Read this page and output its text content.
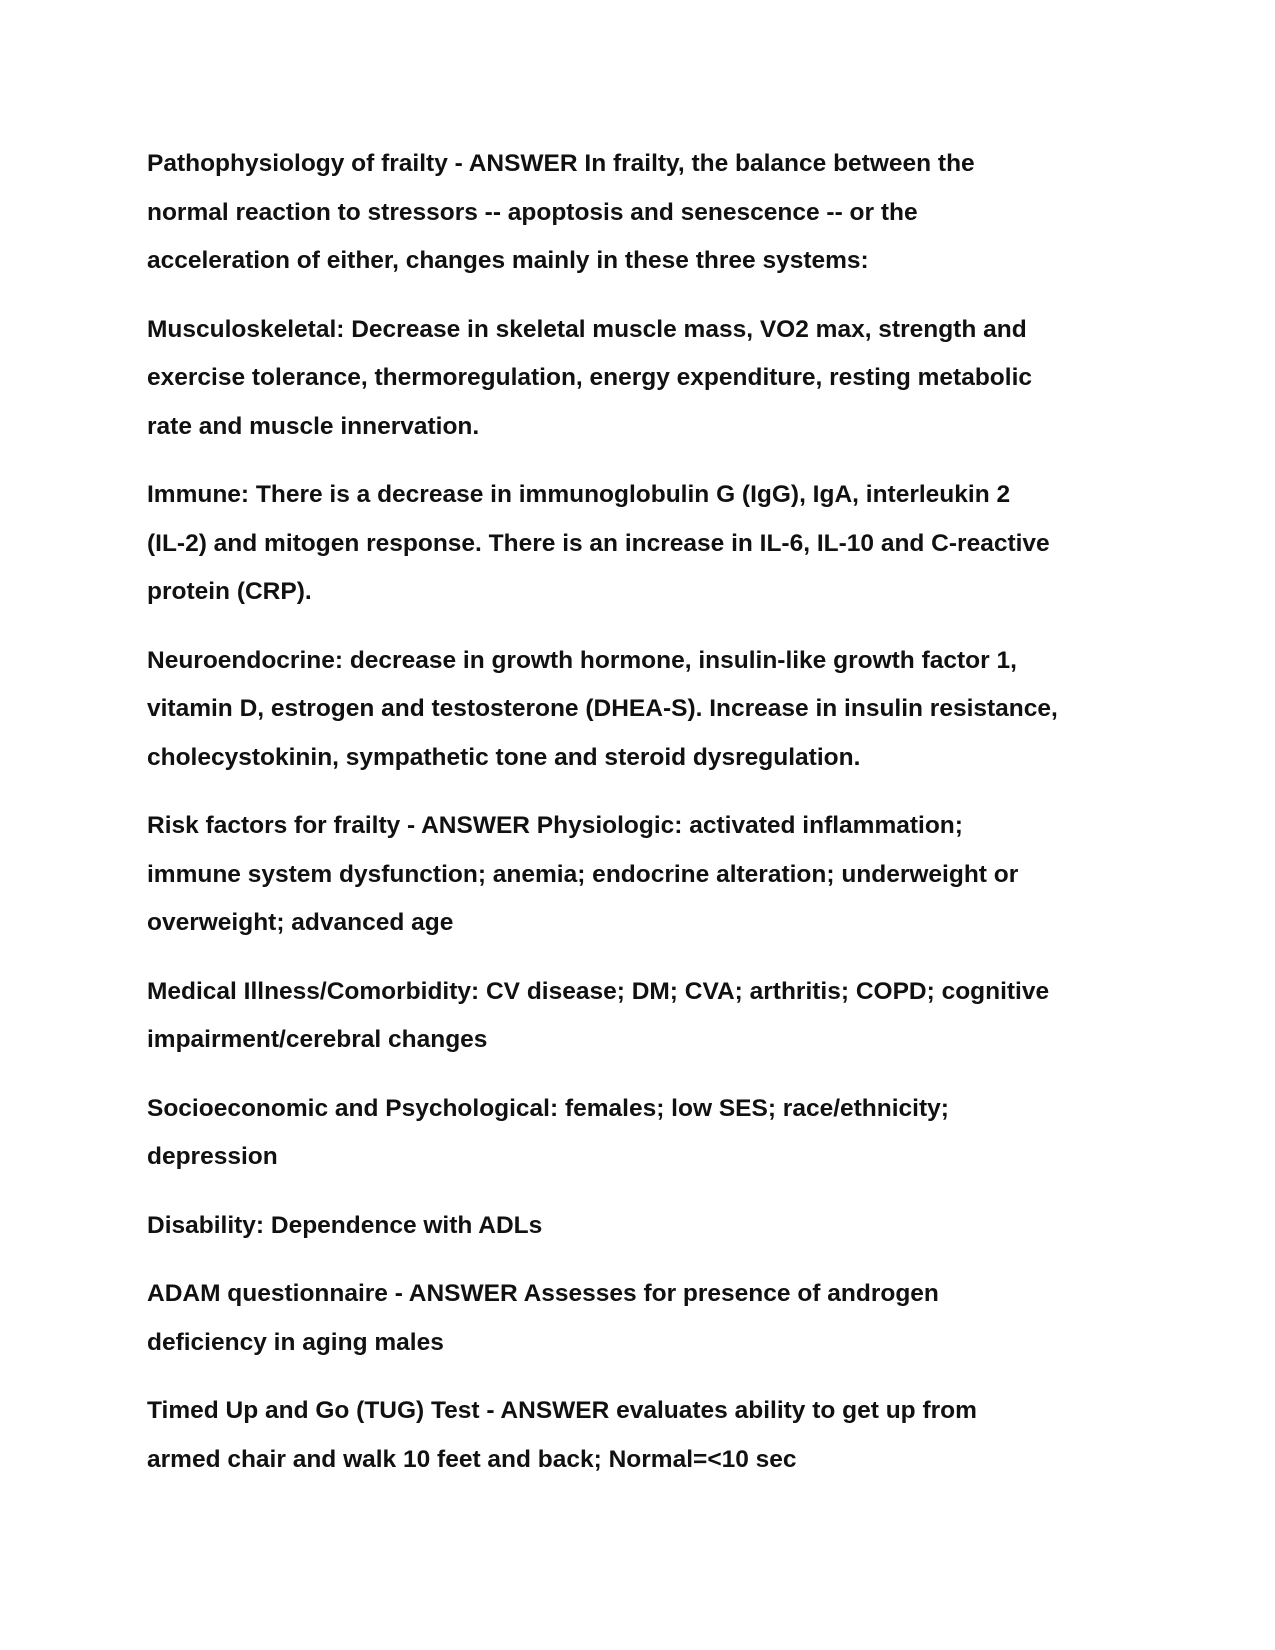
Pathophysiology of frailty - ANSWER In frailty, the balance between the
normal reaction to stressors -- apoptosis and senescence -- or the
acceleration of either, changes mainly in these three systems:

Musculoskeletal: Decrease in skeletal muscle mass, VO2 max, strength and
exercise tolerance, thermoregulation, energy expenditure, resting metabolic
rate and muscle innervation.

Immune: There is a decrease in immunoglobulin G (IgG), IgA, interleukin 2
(IL-2) and mitogen response. There is an increase in IL-6, IL-10 and C-reactive
protein (CRP).

Neuroendocrine: decrease in growth hormone, insulin-like growth factor 1,
vitamin D, estrogen and testosterone (DHEA-S). Increase in insulin resistance,
cholecystokinin, sympathetic tone and steroid dysregulation.

Risk factors for frailty - ANSWER Physiologic: activated inflammation;
immune system dysfunction; anemia; endocrine alteration; underweight or
overweight; advanced age

Medical Illness/Comorbidity: CV disease; DM; CVA; arthritis; COPD; cognitive
impairment/cerebral changes

Socioeconomic and Psychological: females; low SES; race/ethnicity;
depression

Disability: Dependence with ADLs

ADAM questionnaire - ANSWER Assesses for presence of androgen
deficiency in aging males

Timed Up and Go (TUG) Test - ANSWER evaluates ability to get up from
armed chair and walk 10 feet and back; Normal=<10 sec
